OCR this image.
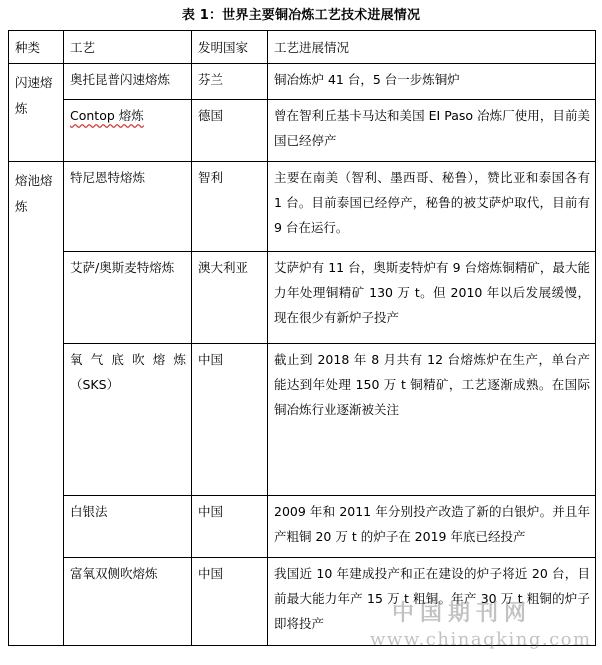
表 1：世界主要铜冶炼工艺技术进展情况
种类	工艺	发明国家	工艺进展情况
闪速熔炼	奥托昆普闪速熔炼	芬兰	铜冶炼炉 41 台，5 台一步炼铜炉
	Contop 熔炼	德国	曾在智利丘基卡马达和美国 EI Paso 冶炼厂使用，目前美国已经停产
熔池熔炼	特尼恩特熔炼	智利	主要在南美（智利、墨西哥、秘鲁），赞比亚和泰国各有 1 台。目前泰国已经停产，秘鲁的被艾萨炉取代，目前有 9 台在运行。
	艾萨/奥斯麦特熔炼	澳大利亚	艾萨炉有 11 台，奥斯麦特炉有 9 台熔炼铜精矿，最大能力年处理铜精矿 130 万 t。但 2010 年以后发展缓慢，现在很少有新炉子投产
	氧气底吹熔炼（SKS）	中国	截止到 2018 年 8 月共有 12 台熔炼炉在生产，单台产能达到年处理 150 万 t 铜精矿，工艺逐渐成熟。在国际铜冶炼行业逐渐被关注
	白银法	中国	2009 年和 2011 年分别投产改造了新的白银炉。并且年产粗铜 20 万 t 的炉子在 2019 年底已经投产
	富氧双侧吹熔炼	中国	我国近 10 年建成投产和正在建设的炉子将近 20 台，目前最大能力年产 15 万 t 粗铜。年产 30 万 t 粗铜的炉子即将投产	中国期刊网
www.chinaqking.com
